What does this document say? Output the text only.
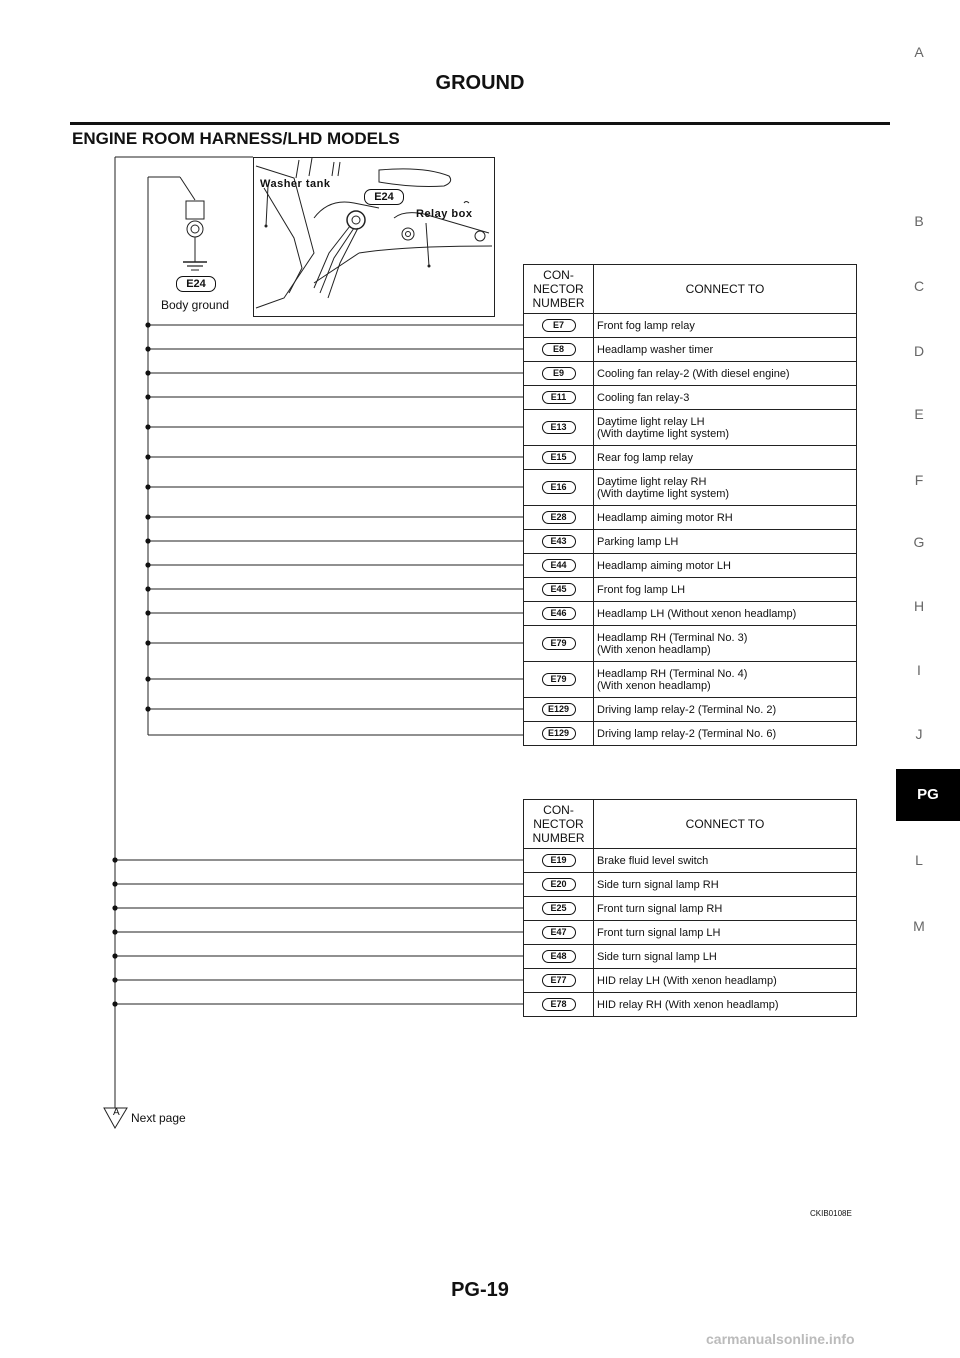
GROUND
ENGINE ROOM HARNESS/LHD MODELS
A
B
C
D
E
F
G
H
I
J
PG
L
M
E24
Body ground
Washer tank
E24
Relay box
CON-
NECTOR
NUMBER	CONNECT TO
E7	Front fog lamp relay
E8	Headlamp washer timer
E9	Cooling fan relay-2 (With diesel engine)
E11	Cooling fan relay-3
E13	Daytime light relay LH
(With daytime light system)
E15	Rear fog lamp relay
E16	Daytime light relay RH
(With daytime light system)
E28	Headlamp aiming motor RH
E43	Parking lamp LH
E44	Headlamp aiming motor LH
E45	Front fog lamp LH
E46	Headlamp LH (Without xenon headlamp)
E79	Headlamp RH (Terminal No. 3)
(With xenon headlamp)
E79	Headlamp RH (Terminal No. 4)
(With xenon headlamp)
E129	Driving lamp relay-2 (Terminal No. 2)
E129	Driving lamp relay-2 (Terminal No. 6)
CON-
NECTOR
NUMBER	CONNECT TO
E19	Brake fluid level switch
E20	Side turn signal lamp RH
E25	Front turn signal lamp RH
E47	Front turn signal lamp LH
E48	Side turn signal lamp LH
E77	HID relay LH (With xenon headlamp)
E78	HID relay RH (With xenon headlamp)
A Next page
CKIB0108E
PG-19
carmanualsonline.info
